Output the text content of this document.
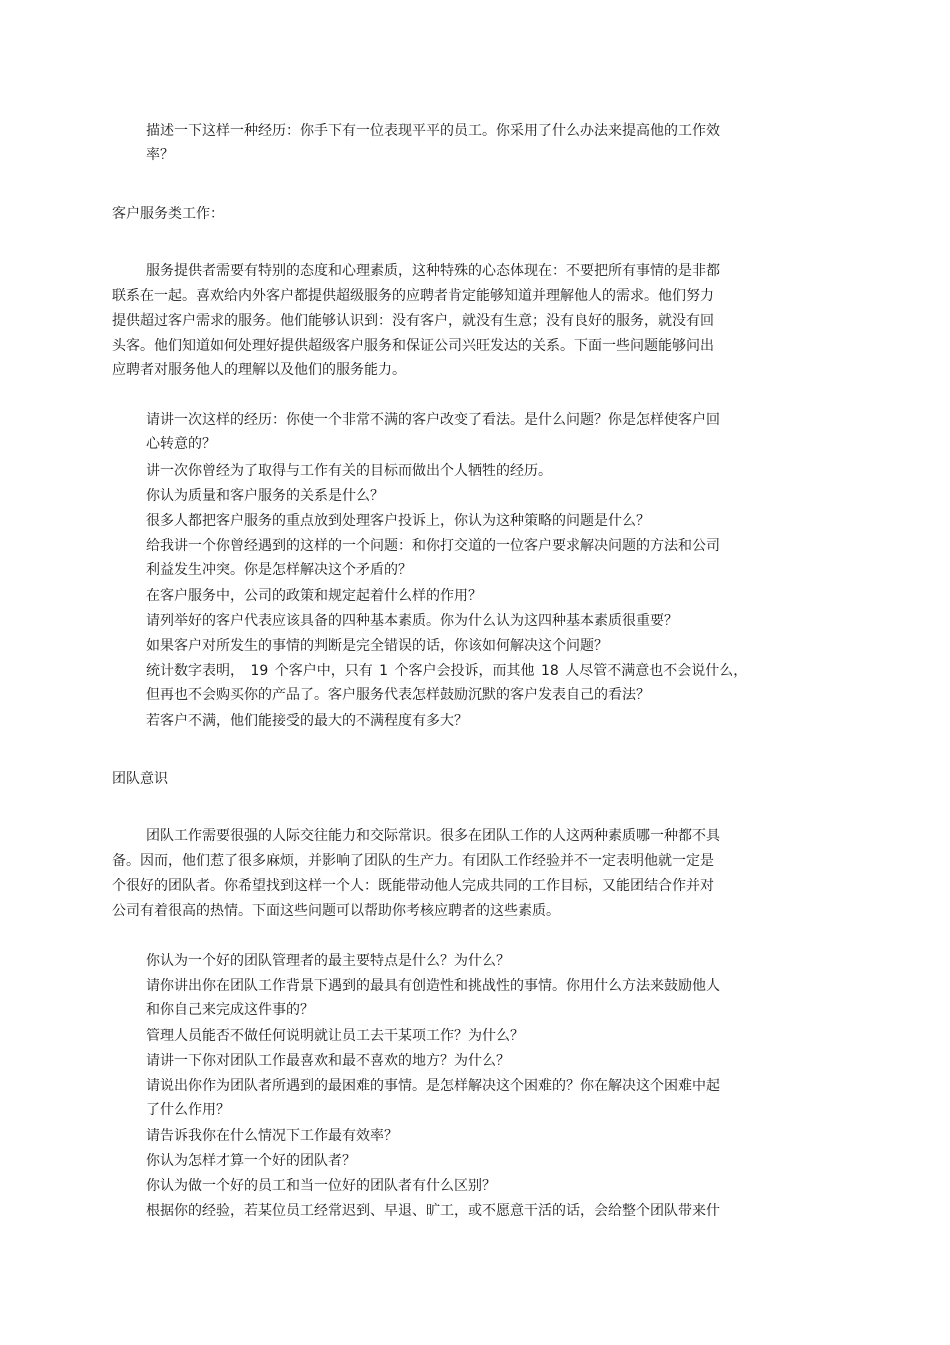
描述一下这样一种经历：你手下有一位表现平平的员工。你采用了什么办法来提高他的工作效
率？
客户服务类工作：
服务提供者需要有特别的态度和心理素质，这种特殊的心态体现在：不要把所有事情的是非都
联系在一起。喜欢给内外客户都提供超级服务的应聘者肯定能够知道并理解他人的需求。他们努力
提供超过客户需求的服务。他们能够认识到：没有客户，就没有生意；没有良好的服务，就没有回
头客。他们知道如何处理好提供超级客户服务和保证公司兴旺发达的关系。下面一些问题能够问出
应聘者对服务他人的理解以及他们的服务能力。
请讲一次这样的经历：你使一个非常不满的客户改变了看法。是什么问题？你是怎样使客户回
心转意的？
讲一次你曾经为了取得与工作有关的目标而做出个人牺牲的经历。
你认为质量和客户服务的关系是什么？
很多人都把客户服务的重点放到处理客户投诉上，你认为这种策略的问题是什么？
给我讲一个你曾经遇到的这样的一个问题：和你打交道的一位客户要求解决问题的方法和公司
利益发生冲突。你是怎样解决这个矛盾的？
在客户服务中，公司的政策和规定起着什么样的作用？
请列举好的客户代表应该具备的四种基本素质。你为什么认为这四种基本素质很重要？
如果客户对所发生的事情的判断是完全错误的话，你该如何解决这个问题？
统计数字表明， 19 个客户中，只有 1 个客户会投诉，而其他 18 人尽管不满意也不会说什么，
但再也不会购买你的产品了。客户服务代表怎样鼓励沉默的客户发表自己的看法？
若客户不满，他们能接受的最大的不满程度有多大？
团队意识
团队工作需要很强的人际交往能力和交际常识。很多在团队工作的人这两种素质哪一种都不具
备。因而，他们惹了很多麻烦，并影响了团队的生产力。有团队工作经验并不一定表明他就一定是
个很好的团队者。你希望找到这样一个人：既能带动他人完成共同的工作目标，又能团结合作并对
公司有着很高的热情。下面这些问题可以帮助你考核应聘者的这些素质。
你认为一个好的团队管理者的最主要特点是什么？为什么？
请你讲出你在团队工作背景下遇到的最具有创造性和挑战性的事情。你用什么方法来鼓励他人
和你自己来完成这件事的？
管理人员能否不做任何说明就让员工去干某项工作？为什么？
请讲一下你对团队工作最喜欢和最不喜欢的地方？为什么？
请说出你作为团队者所遇到的最困难的事情。是怎样解决这个困难的？你在解决这个困难中起
了什么作用？
请告诉我你在什么情况下工作最有效率？
你认为怎样才算一个好的团队者？
你认为做一个好的员工和当一位好的团队者有什么区别？
根据你的经验，若某位员工经常迟到、早退、旷工，或不愿意干活的话，会给整个团队带来什
